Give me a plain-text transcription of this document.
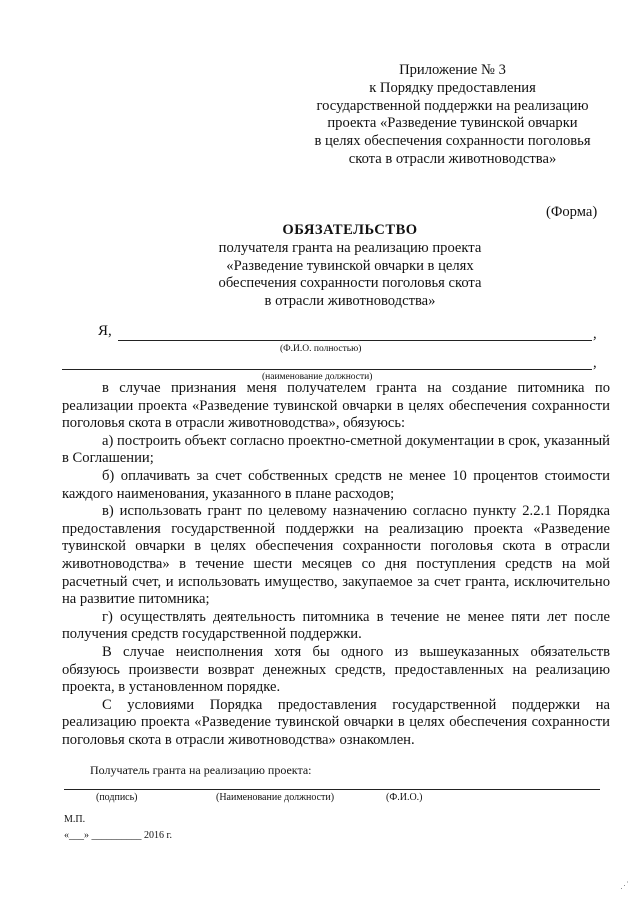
Приложение № 3
к Порядку предоставления
государственной поддержки на реализацию
проекта «Разведение тувинской овчарки
в целях обеспечения сохранности поголовья
скота в отрасли животноводства»
(Форма)
ОБЯЗАТЕЛЬСТВО
получателя гранта на реализацию проекта
«Разведение тувинской овчарки в целях
обеспечения сохранности поголовья скота
в отрасли животноводства»
Я,	,
(Ф.И.О. полностью)
,
(наименование должности)

в случае признания меня получателем гранта на создание питомника по реализации проекта «Разведение тувинской овчарки в целях обеспечения сохранности поголовья скота в отрасли животноводства», обязуюсь:

а) построить объект согласно проектно-сметной документации в срок, указанный в Соглашении;

б) оплачивать за счет собственных средств не менее 10 процентов стоимости каждого наименования, указанного в плане расходов;

в) использовать грант по целевому назначению согласно пункту 2.2.1 Порядка предоставления государственной поддержки на реализацию проекта «Разведение тувинской овчарки в целях обеспечения сохранности поголовья скота в отрасли животноводства» в течение шести месяцев со дня поступления средств на мой расчетный счет, и использовать имущество, закупаемое за счет гранта, исключительно на развитие питомника;

г) осуществлять деятельность питомника в течение не менее пяти лет после получения средств государственной поддержки.

В случае неисполнения хотя бы одного из вышеуказанных обязательств обязуюсь произвести возврат денежных средств, предоставленных на реализацию проекта, в установленном порядке.

С условиями Порядка предоставления государственной поддержки на реализацию проекта «Разведение тувинской овчарки в целях обеспечения сохранности поголовья скота в отрасли животноводства» ознакомлен.

Получатель гранта на реализацию проекта:
(подпись)	(Наименование должности)	(Ф.И.О.)
М.П.
«___» __________ 2016 г.
⋰
